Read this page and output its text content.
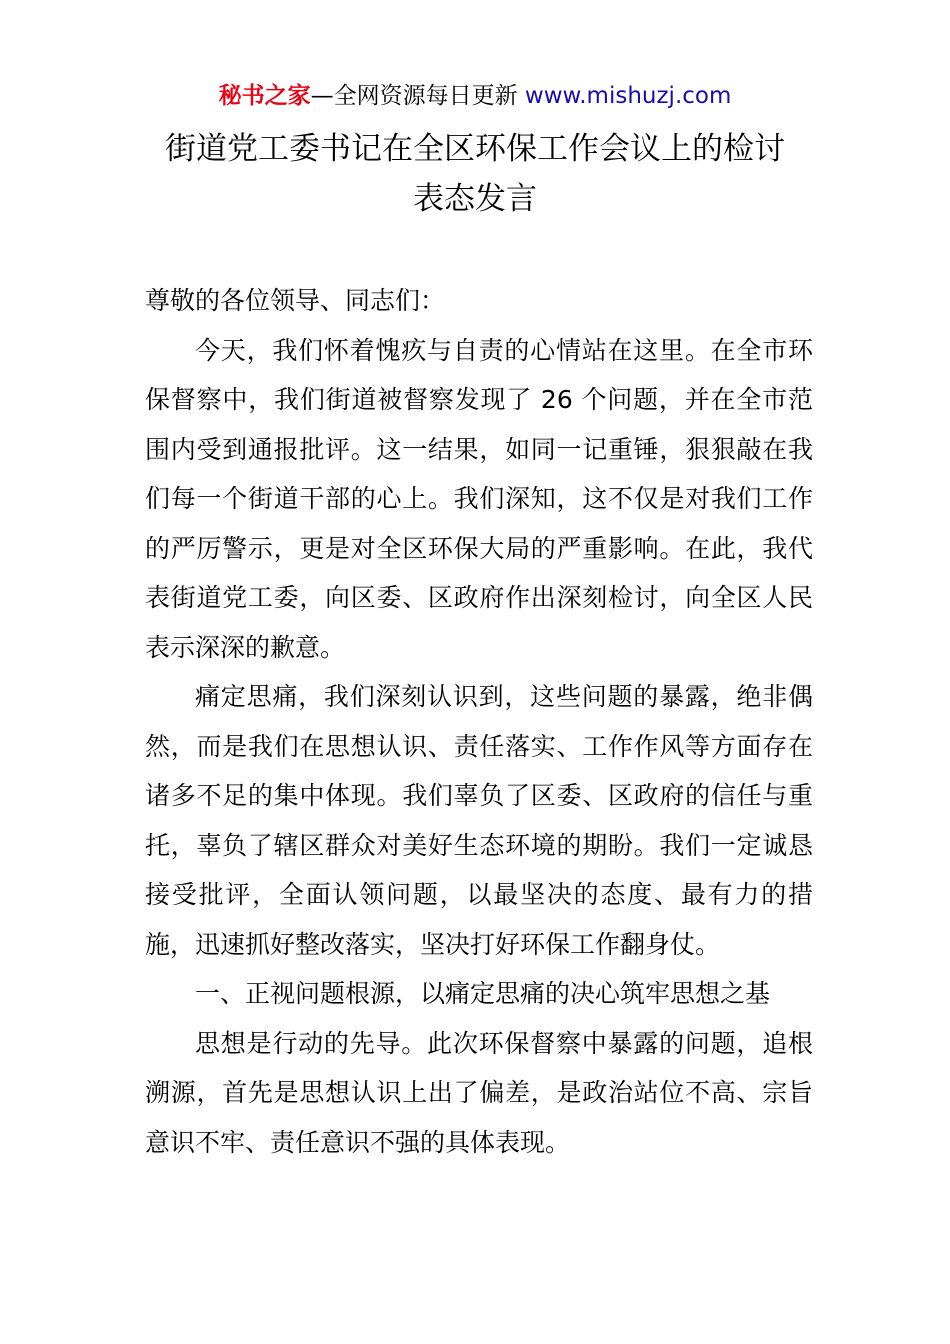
秘书之家—全网资源每日更新 www.mishuzj.com
街道党工委书记在全区环保工作会议上的检讨
表态发言

尊敬的各位领导、同志们：

今天，我们怀着愧疚与自责的心情站在这里。在全市环保督察中，我们街道被督察发现了 26 个问题，并在全市范围内受到通报批评。这一结果，如同一记重锤，狠狠敲在我们每一个街道干部的心上。我们深知，这不仅是对我们工作的严厉警示，更是对全区环保大局的严重影响。在此，我代表街道党工委，向区委、区政府作出深刻检讨，向全区人民表示深深的歉意。

痛定思痛，我们深刻认识到，这些问题的暴露，绝非偶然，而是我们在思想认识、责任落实、工作作风等方面存在诸多不足的集中体现。我们辜负了区委、区政府的信任与重托，辜负了辖区群众对美好生态环境的期盼。我们一定诚恳接受批评，全面认领问题，以最坚决的态度、最有力的措施，迅速抓好整改落实，坚决打好环保工作翻身仗。

一、正视问题根源，以痛定思痛的决心筑牢思想之基

思想是行动的先导。此次环保督察中暴露的问题，追根溯源，首先是思想认识上出了偏差，是政治站位不高、宗旨意识不牢、责任意识不强的具体表现。
